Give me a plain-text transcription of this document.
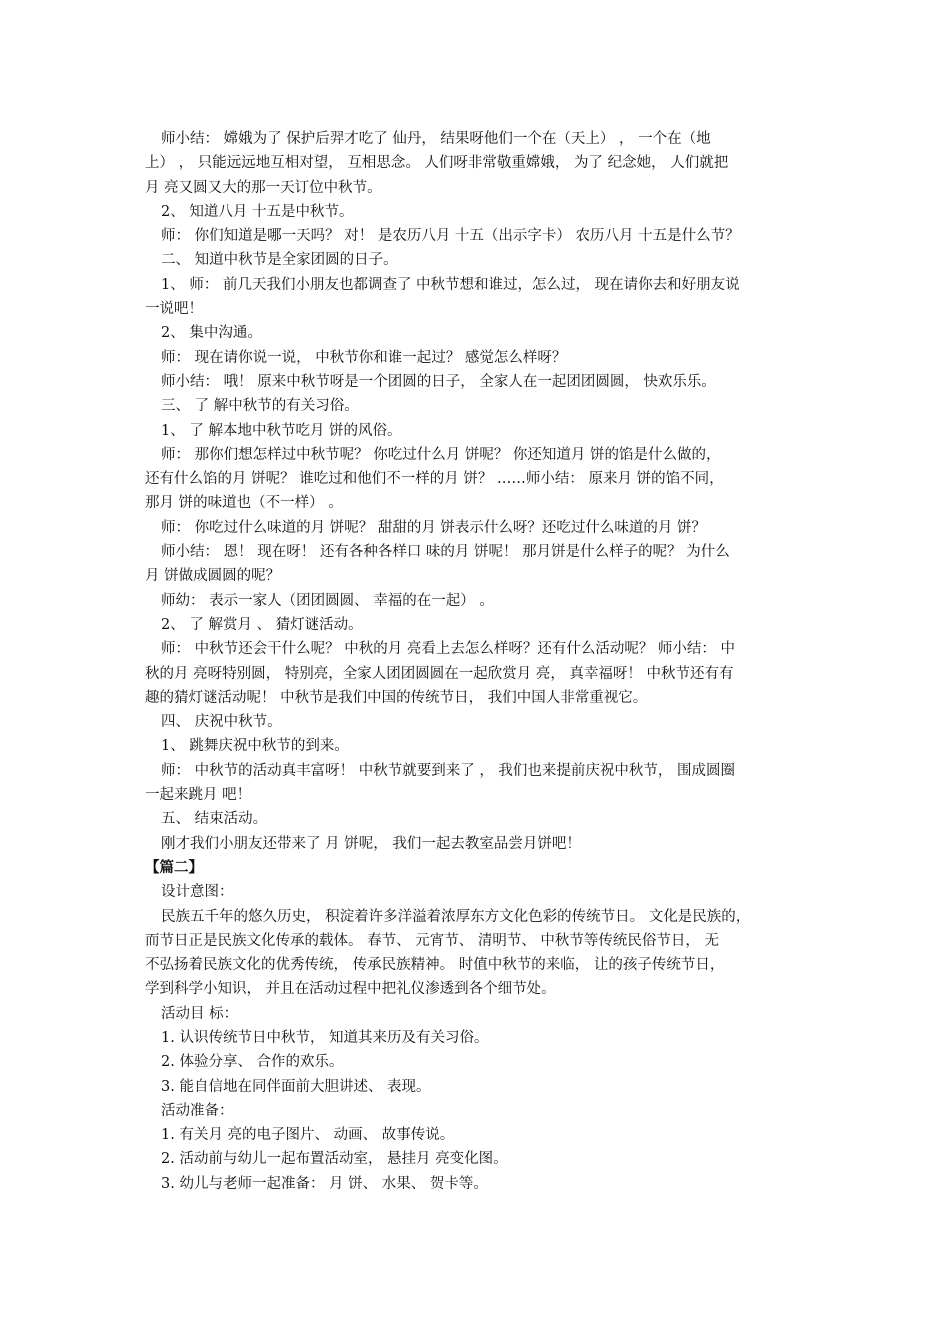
师小结： 嫦娥为了 保护后羿才吃了 仙丹， 结果呀他们一个在（天上） ， 一个在（地
上） ， 只能远远地互相对望， 互相思念。 人们呀非常敬重嫦娥， 为了 纪念她， 人们就把
月 亮又圆又大的那一天订位中秋节。
2、 知道八月 十五是中秋节。
师： 你们知道是哪一天吗？ 对！ 是农历八月 十五（出示字卡） 农历八月 十五是什么节？
二、 知道中秋节是全家团圆的日子。
1、 师： 前几天我们小朋友也都调查了 中秋节想和谁过，怎么过， 现在请你去和好朋友说
一说吧！
2、 集中沟通。
师： 现在请你说一说， 中秋节你和谁一起过？ 感觉怎么样呀？
师小结： 哦！ 原来中秋节呀是一个团圆的日子， 全家人在一起团团圆圆， 快欢乐乐。
三、 了 解中秋节的有关习俗。
1、 了 解本地中秋节吃月 饼的风俗。
师： 那你们想怎样过中秋节呢？ 你吃过什么月 饼呢？ 你还知道月 饼的馅是什么做的，
还有什么馅的月 饼呢？ 谁吃过和他们不一样的月 饼？ ……师小结： 原来月 饼的馅不同，
那月 饼的味道也（不一样） 。
师： 你吃过什么味道的月 饼呢？ 甜甜的月 饼表示什么呀？还吃过什么味道的月 饼？
师小结： 恩！ 现在呀！ 还有各种各样口 味的月 饼呢！ 那月饼是什么样子的呢？ 为什么
月 饼做成圆圆的呢？
师幼： 表示一家人（团团圆圆、 幸福的在一起） 。
2、 了 解赏月 、 猜灯谜活动。
师： 中秋节还会干什么呢？ 中秋的月 亮看上去怎么样呀？还有什么活动呢？ 师小结： 中
秋的月 亮呀特别圆， 特别亮，全家人团团圆圆在一起欣赏月 亮， 真幸福呀！ 中秋节还有有
趣的猜灯谜活动呢！ 中秋节是我们中国的传统节日， 我们中国人非常重视它。
四、 庆祝中秋节。
1、 跳舞庆祝中秋节的到来。
师： 中秋节的活动真丰富呀！ 中秋节就要到来了 ， 我们也来提前庆祝中秋节， 围成圆圈
一起来跳月 吧！
五、 结束活动。
刚才我们小朋友还带来了 月 饼呢， 我们一起去教室品尝月饼吧！
【篇二】
设计意图：
民族五千年的悠久历史， 积淀着许多洋溢着浓厚东方文化色彩的传统节日。 文化是民族的，
而节日正是民族文化传承的载体。 春节、 元宵节、 清明节、 中秋节等传统民俗节日， 无
不弘扬着民族文化的优秀传统， 传承民族精神。 时值中秋节的来临， 让的孩子传统节日，
学到科学小知识， 并且在活动过程中把礼仪渗透到各个细节处。
活动目 标：
1. 认识传统节日中秋节， 知道其来历及有关习俗。
2. 体验分享、 合作的欢乐。
3. 能自信地在同伴面前大胆讲述、 表现。
活动准备：
1. 有关月 亮的电子图片、 动画、 故事传说。
2. 活动前与幼儿一起布置活动室， 悬挂月 亮变化图。
3. 幼儿与老师一起准备： 月 饼、 水果、 贺卡等。
